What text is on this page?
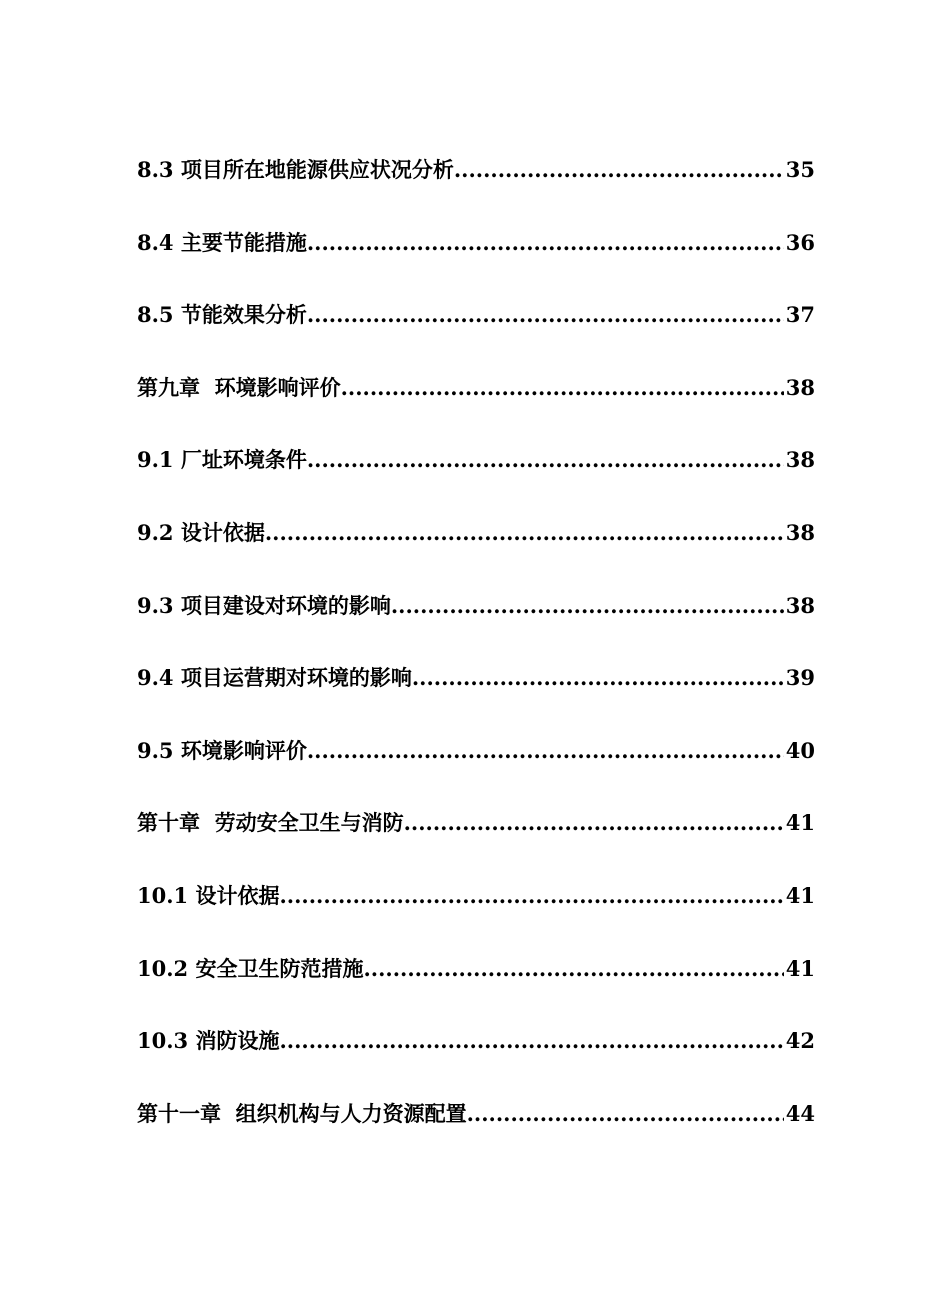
8.3 项目所在地能源供应状况分析 .....	35
8.4 主要节能措施 .....	36
8.5 节能效果分析 .....	37
第九章  环境影响评价 .....	38
9.1 厂址环境条件 .....	38
9.2 设计依据 .....	38
9.3 项目建设对环境的影响 .....	38
9.4 项目运营期对环境的影响 .....	39
9.5 环境影响评价 .....	40
第十章  劳动安全卫生与消防 .....	41
10.1 设计依据 .....	41
10.2 安全卫生防范措施 .....	41
10.3 消防设施 .....	42
第十一章  组织机构与人力资源配置 .....	44
